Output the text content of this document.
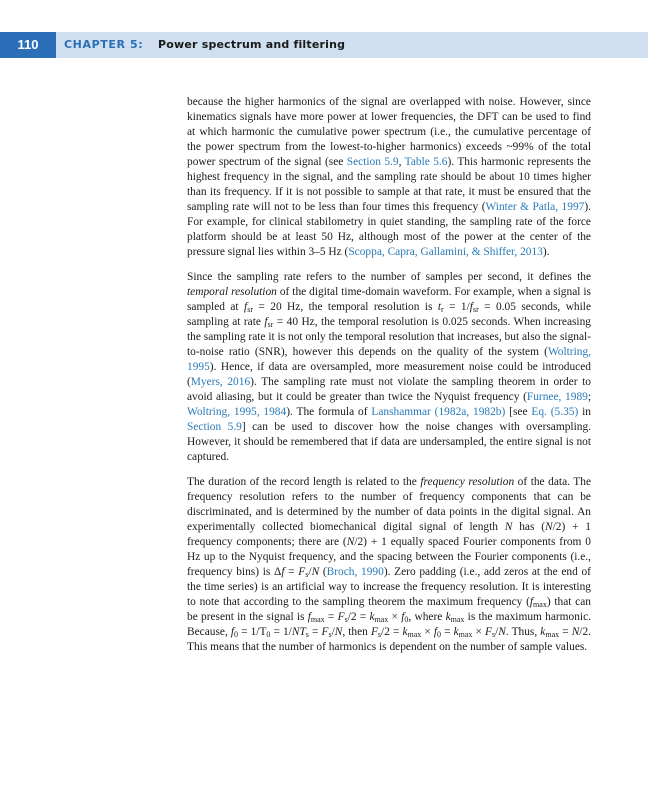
110	CHAPTER 5: Power spectrum and filtering

because the higher harmonics of the signal are overlapped with noise. However, since kinematics signals have more power at lower frequencies, the DFT can be used to find at which harmonic the cumulative power spectrum (i.e., the cumulative percentage of the power spectrum from the lowest-to-higher harmonics) exceeds ~99% of the total power spectrum of the signal (see Section 5.9, Table 5.6). This harmonic represents the highest frequency in the signal, and the sampling rate should be about 10 times higher than its frequency. If it is not possible to sample at that rate, it must be ensured that the sampling rate will not to be less than four times this frequency (Winter & Patla, 1997). For example, for clinical stabilometry in quiet standing, the sampling rate of the force platform should be at least 50 Hz, although most of the power at the center of the pressure signal lies within 3–5 Hz (Scoppa, Capra, Gallamini, & Shiffer, 2013).

Since the sampling rate refers to the number of samples per second, it defines the temporal resolution of the digital time-domain waveform. For example, when a signal is sampled at $f_{sr} = 20$ Hz, the temporal resolution is $t_r = 1/f_{sr} = 0.05$ seconds, while sampling at rate $f_{sr} = 40$ Hz, the temporal resolution is 0.025 seconds. When increasing the sampling rate it is not only the temporal resolution that increases, but also the signal-to-noise ratio (SNR), however this depends on the quality of the system (Woltring, 1995). Hence, if data are oversampled, more measurement noise could be introduced (Myers, 2016). The sampling rate must not violate the sampling theorem in order to avoid aliasing, but it could be greater than twice the Nyquist frequency (Furnee, 1989; Woltring, 1995, 1984). The formula of Lanshammar (1982a, 1982b) [see Eq. (5.35) in Section 5.9] can be used to discover how the noise changes with oversampling. However, it should be remembered that if data are undersampled, the entire signal is not captured.

The duration of the record length is related to the frequency resolution of the data. The frequency resolution refers to the number of frequency components that can be discriminated, and is determined by the number of data points in the digital signal. An experimentally collected biomechanical digital signal of length N has (N/2) + 1 frequency components; there are (N/2) + 1 equally spaced Fourier components from 0 Hz up to the Nyquist frequency, and the spacing between the Fourier components (i.e., frequency bins) is $\Delta f = F_s/N$ (Broch, 1990). Zero padding (i.e., add zeros at the end of the time series) is an artificial way to increase the frequency resolution. It is interesting to note that according to the sampling theorem the maximum frequency $(f_{max})$ that can be present in the signal is $f_{max} = F_s/2 = k_{max} \times f_0$, where $k_{max}$ is the maximum harmonic. Because, $f_0 = 1/T_0 = 1/NT_s = F_s/N$, then $F_s/2 = k_{max} \times f_0 = k_{max} \times F_s/N$. Thus, $k_{max} = N/2$. This means that the number of harmonics is dependent on the number of sample values.
